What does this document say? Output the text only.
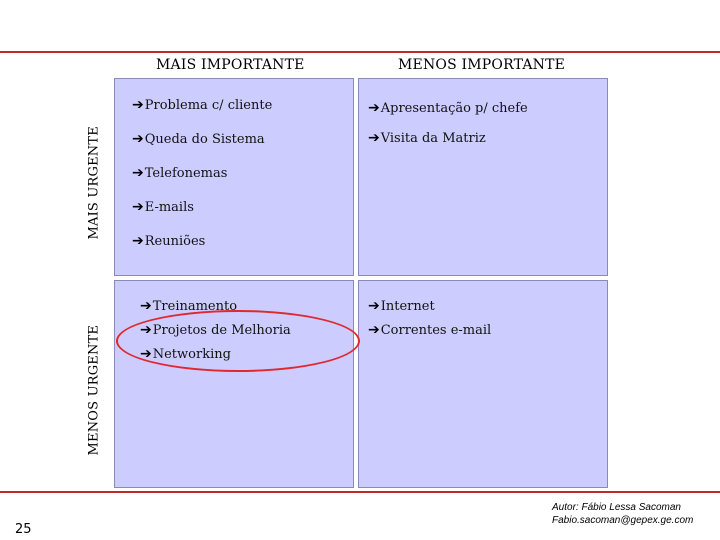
MAIS IMPORTANTE	MENOS IMPORTANTE
MAIS URGENTE
MENOS URGENTE
➔Problema c/ cliente
➔Queda do Sistema
➔Telefonemas
➔E-mails
➔Reuniões
➔Apresentação p/ chefe
➔Visita da Matriz
➔Treinamento
➔Projetos de Melhoria
➔Networking
➔Internet
➔Correntes e-mail
25
Autor: Fábio Lessa Sacoman
Fabio.sacoman@gepex.ge.com
